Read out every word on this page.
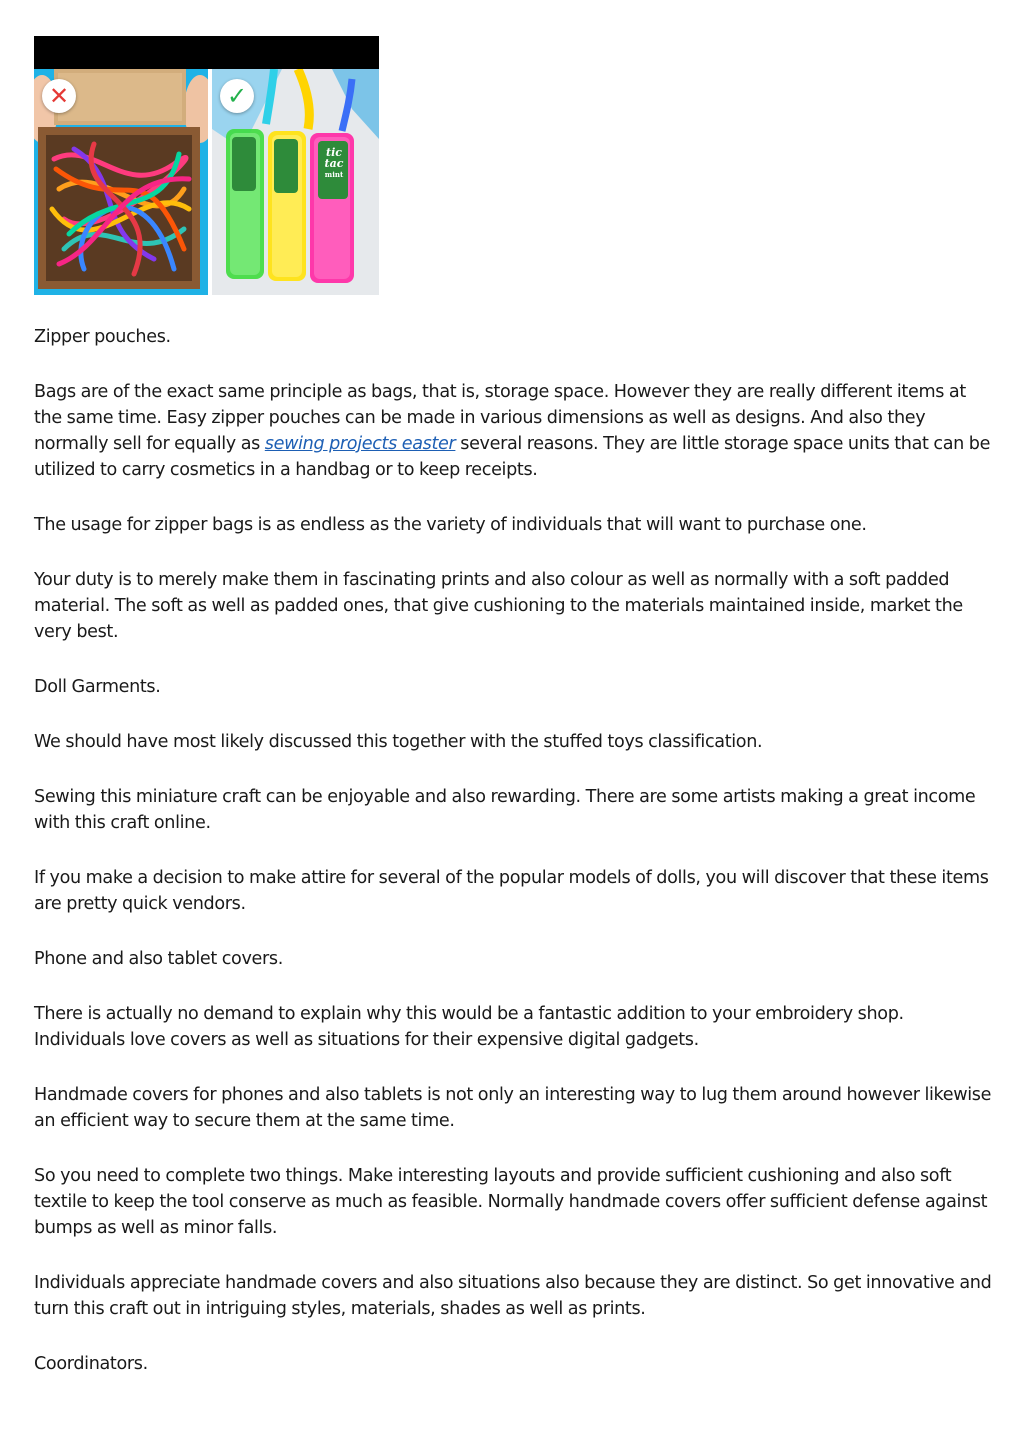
✕
tic
tac
mint
✓

Zipper pouches.

Bags are of the exact same principle as bags, that is, storage space. However they are really different items at the same time. Easy zipper pouches can be made in various dimensions as well as designs. And also they normally sell for equally as sewing projects easter several reasons. They are little storage space units that can be utilized to carry cosmetics in a handbag or to keep receipts.

The usage for zipper bags is as endless as the variety of individuals that will want to purchase one.

Your duty is to merely make them in fascinating prints and also colour as well as normally with a soft padded material. The soft as well as padded ones, that give cushioning to the materials maintained inside, market the very best.

Doll Garments.

We should have most likely discussed this together with the stuffed toys classification.

Sewing this miniature craft can be enjoyable and also rewarding. There are some artists making a great income with this craft online.

If you make a decision to make attire for several of the popular models of dolls, you will discover that these items are pretty quick vendors.

Phone and also tablet covers.

There is actually no demand to explain why this would be a fantastic addition to your embroidery shop. Individuals love covers as well as situations for their expensive digital gadgets.

Handmade covers for phones and also tablets is not only an interesting way to lug them around however likewise an efficient way to secure them at the same time.

So you need to complete two things. Make interesting layouts and provide sufficient cushioning and also soft textile to keep the tool conserve as much as feasible. Normally handmade covers offer sufficient defense against bumps as well as minor falls.

Individuals appreciate handmade covers and also situations also because they are distinct. So get innovative and turn this craft out in intriguing styles, materials, shades as well as prints.

Coordinators.
